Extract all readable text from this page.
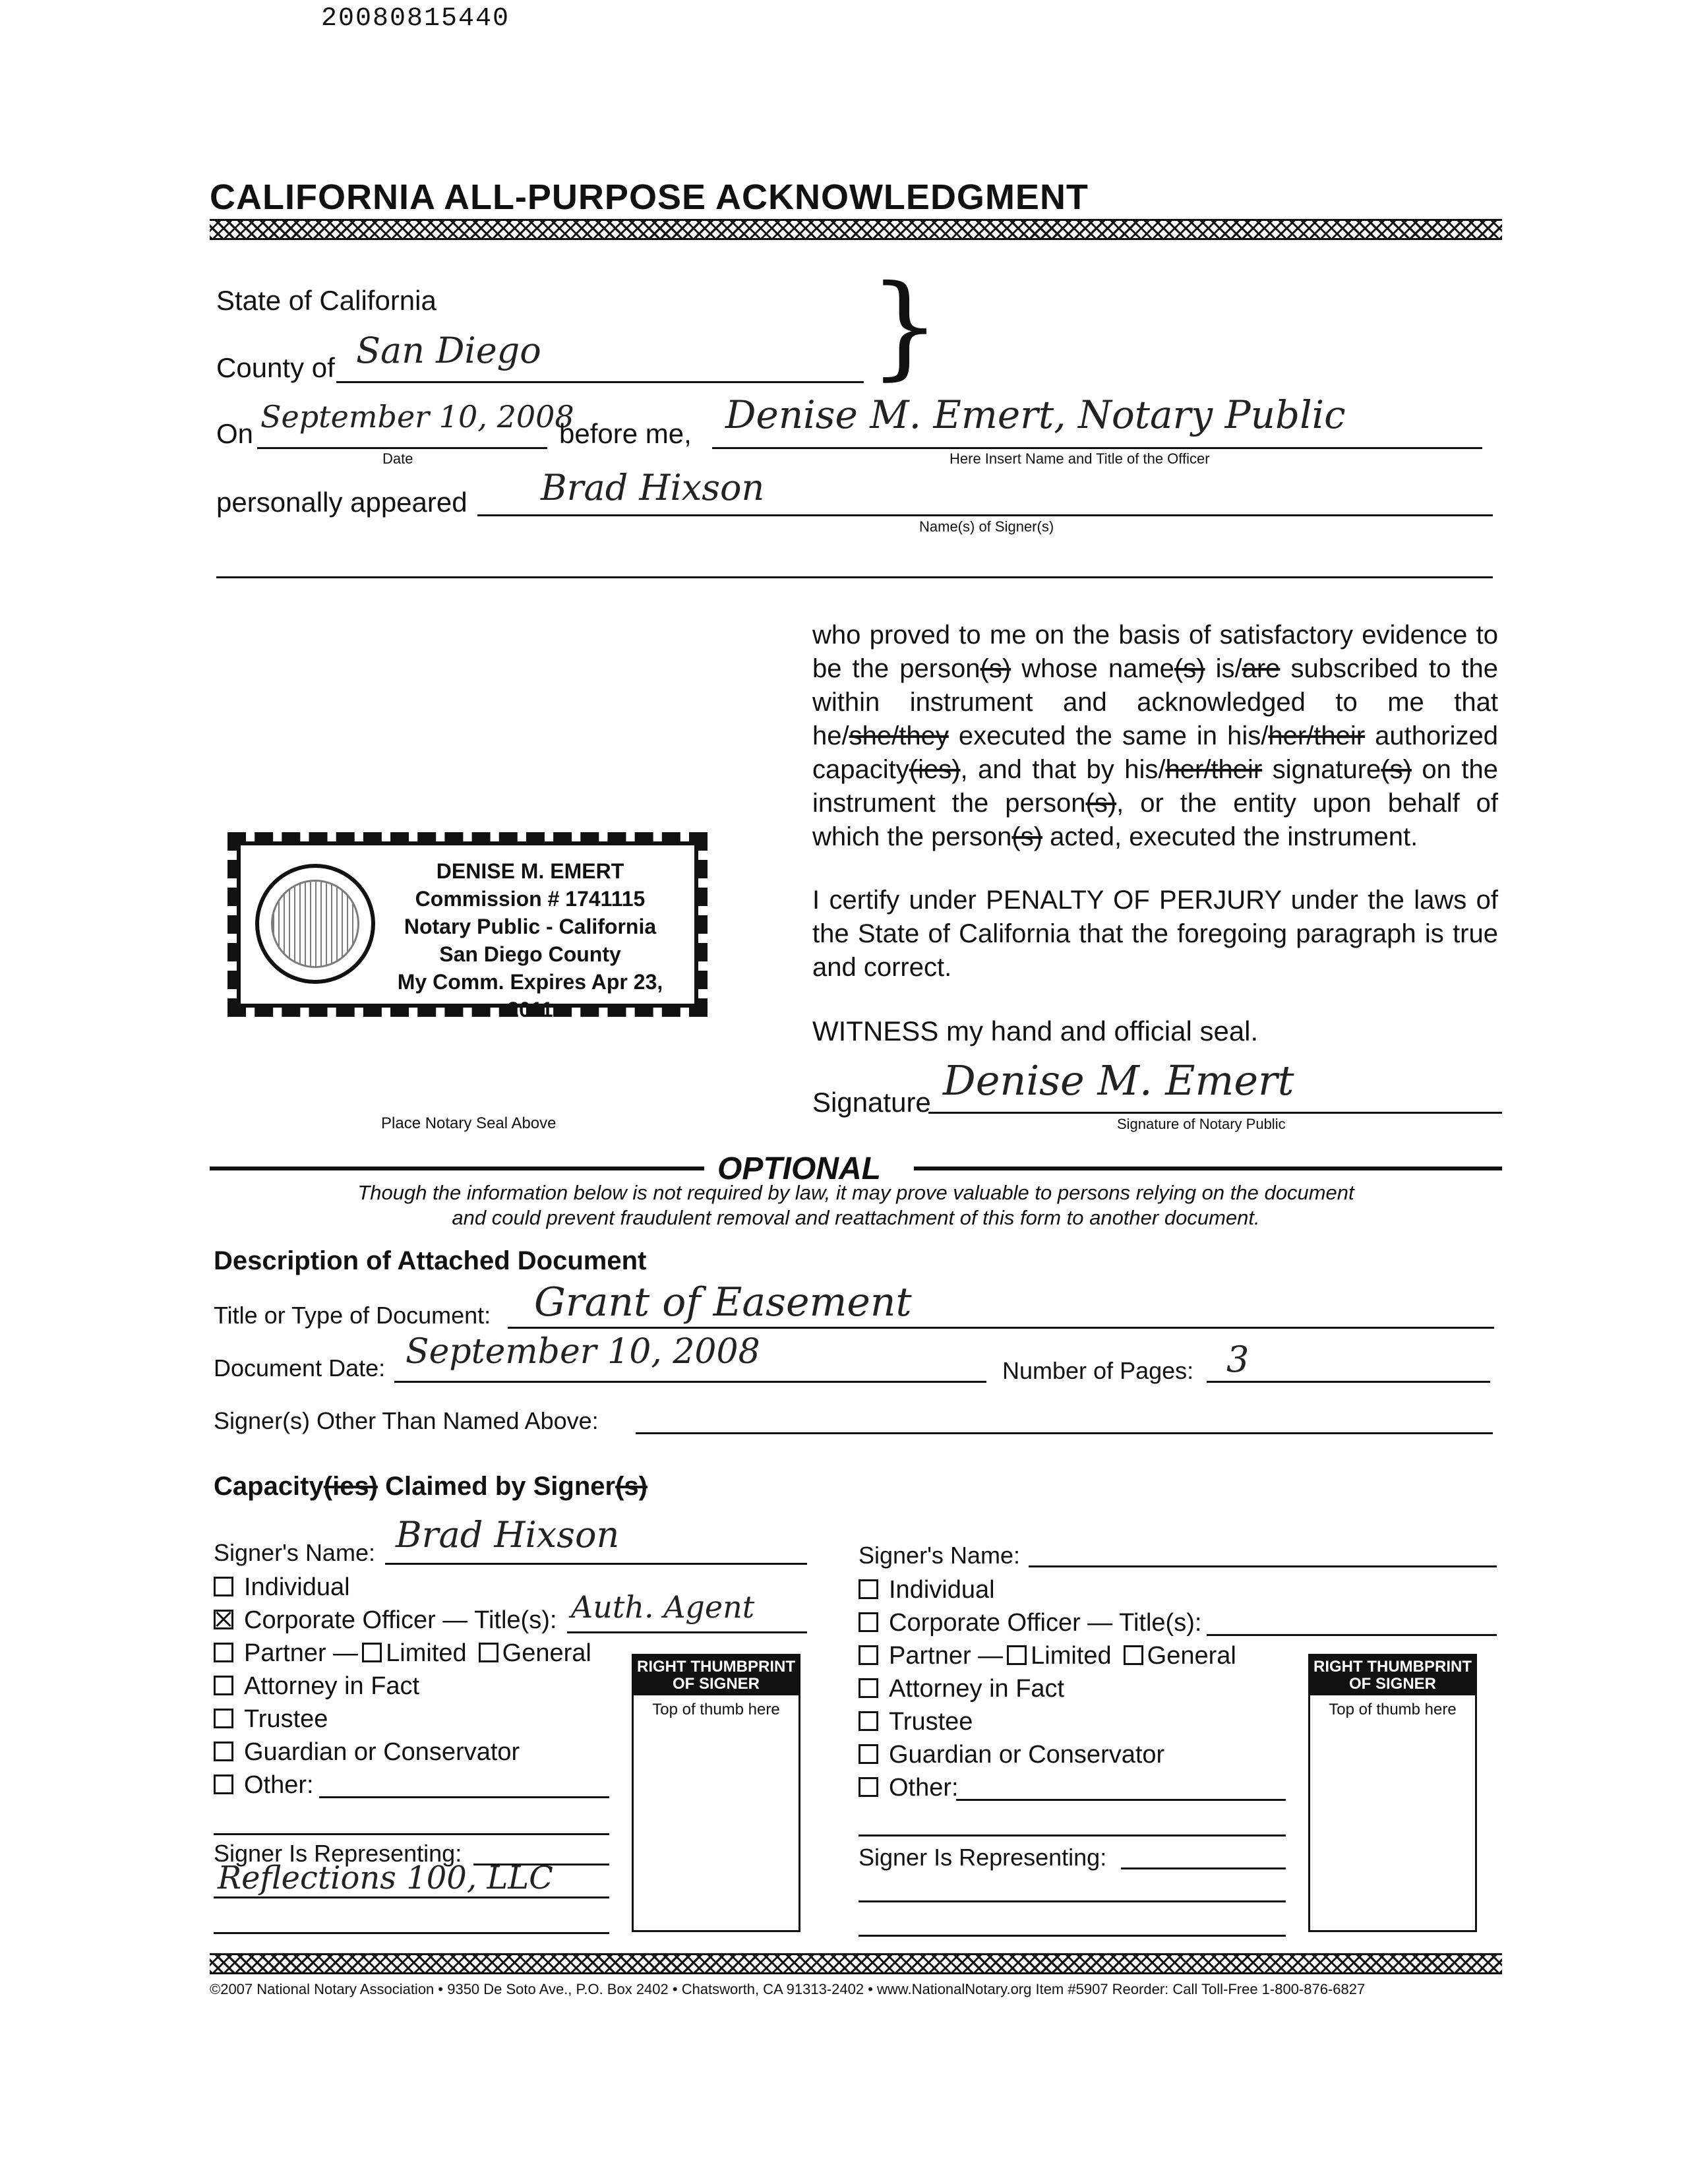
20080815440
CALIFORNIA ALL-PURPOSE ACKNOWLEDGMENT
State of California	}
County of San Diego
On September 10, 2008
Date
before me, Denise M. Emert, Notary Public
Here Insert Name and Title of the Officer
personally appeared Brad Hixson
Name(s) of Signer(s)
who proved to me on the basis of satisfactory evidence to be the person(s) whose name(s) is/are subscribed to the within instrument and acknowledged to me that he/she/they executed the same in his/her/their authorized capacity(ies), and that by his/her/their signature(s) on the instrument the person(s), or the entity upon behalf of which the person(s) acted, executed the instrument.
I certify under PENALTY OF PERJURY under the laws of the State of California that the foregoing paragraph is true and correct.
WITNESS my hand and official seal.
Signature Denise M. Emert
Signature of Notary Public
DENISE M. EMERT
Commission # 1741115
Notary Public - California
San Diego County
My Comm. Expires Apr 23, 2011
Place Notary Seal Above
OPTIONAL
Though the information below is not required by law, it may prove valuable to persons relying on the document
and could prevent fraudulent removal and reattachment of this form to another document.
Description of Attached Document
Title or Type of Document: Grant of Easement
Document Date: September 10, 2008	Number of Pages: 3
Signer(s) Other Than Named Above:
Capacity(ies) Claimed by Signer(s)
Signer's Name: Brad Hixson
Individual
Corporate Officer — Title(s): Auth. Agent
Partner — Limited General
Attorney in Fact
Trustee
Guardian or Conservator
Other:
Signer Is Representing:
Reflections 100, LLC
RIGHT THUMBPRINT OF SIGNER
Top of thumb here
Signer's Name:
Individual
Corporate Officer — Title(s):
Partner — Limited General
Attorney in Fact
Trustee
Guardian or Conservator
Other:
Signer Is Representing:
RIGHT THUMBPRINT OF SIGNER
Top of thumb here
©2007 National Notary Association • 9350 De Soto Ave., P.O. Box 2402 • Chatsworth, CA 91313-2402 • www.NationalNotary.org Item #5907 Reorder: Call Toll-Free 1-800-876-6827
